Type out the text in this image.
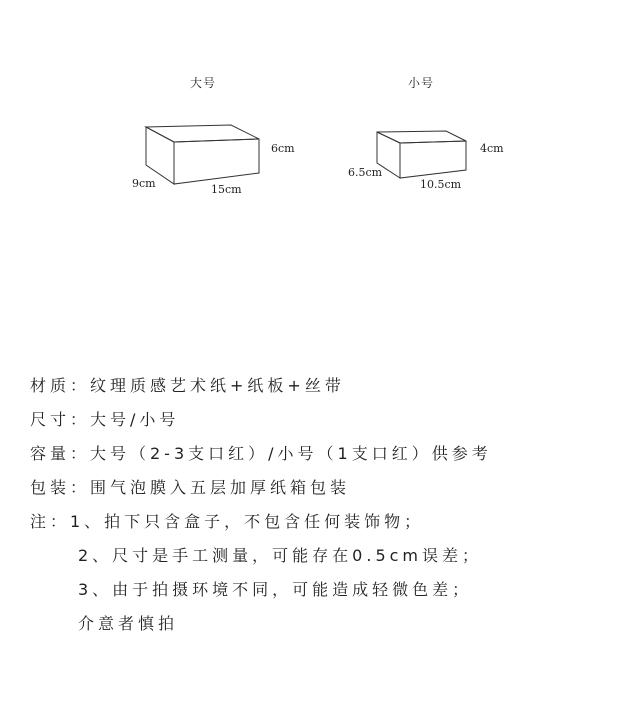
大号
6cm
9cm	15cm
小号
4cm
6.5cm
10.5cm
材质：纹理质感艺术纸+纸板+丝带
尺寸：大号/小号
容量：大号（2-3支口红）/小号（1支口红）供参考
包装：围气泡膜入五层加厚纸箱包装
注：1、拍下只含盒子，不包含任何装饰物；
2、尺寸是手工测量，可能存在0.5cm误差；
3、由于拍摄环境不同，可能造成轻微色差；
介意者慎拍
